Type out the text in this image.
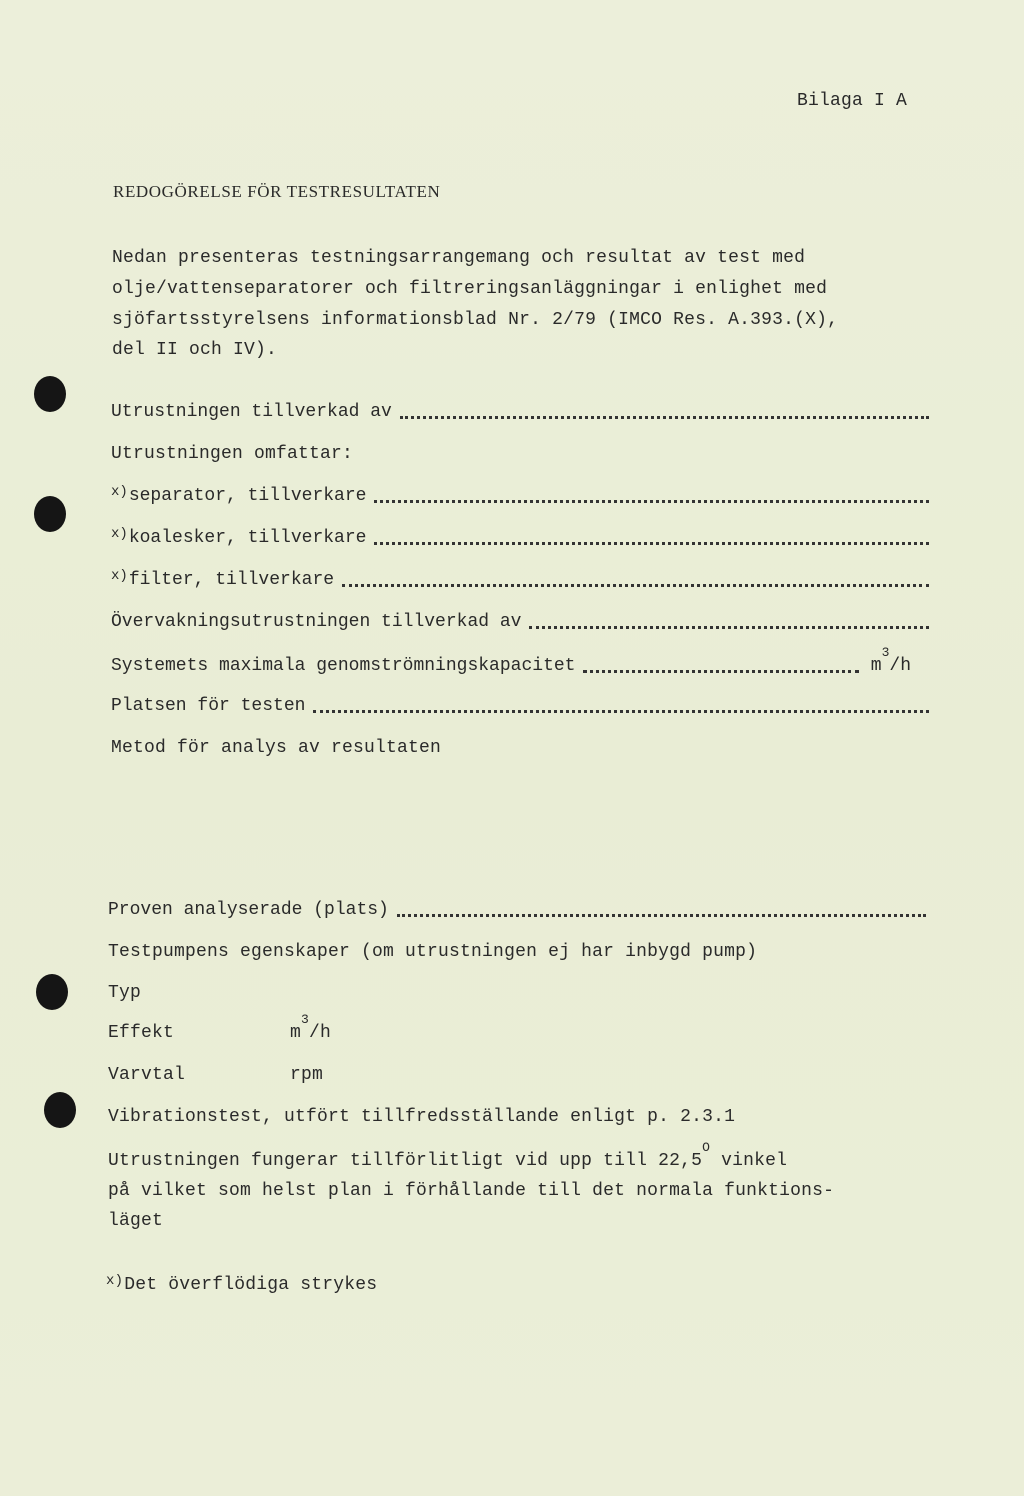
Bilaga I A
REDOGÖRELSE FÖR TESTRESULTATEN
Nedan presenteras testningsarrangemang och resultat av test med
olje/vattenseparatorer och filtreringsanläggningar i enlighet med
sjöfartsstyrelsens informationsblad Nr. 2/79 (IMCO Res. A.393.(X),
del II och IV).
Utrustningen tillverkad av
Utrustningen omfattar:
$^{x)}$separator, tillverkare
$^{x)}$koalesker, tillverkare
$^{x)}$filter, tillverkare
Övervakningsutrustningen tillverkad av
Systemets maximala genomströmningskapacitet	$m^3/h$
Platsen för testen
Metod för analys av resultaten
Proven analyserade (plats)
Testpumpens egenskaper (om utrustningen ej har inbygd pump)
Typ
Effekt	$m^3/h$
Varvtal	rpm
Vibrationstest, utfört tillfredsställande enligt p. 2.3.1
Utrustningen fungerar tillförlitligt vid upp till $22,5^O$ vinkel
på vilket som helst plan i förhållande till det normala funktions-
läget
$^{x)}$Det överflödiga strykes
